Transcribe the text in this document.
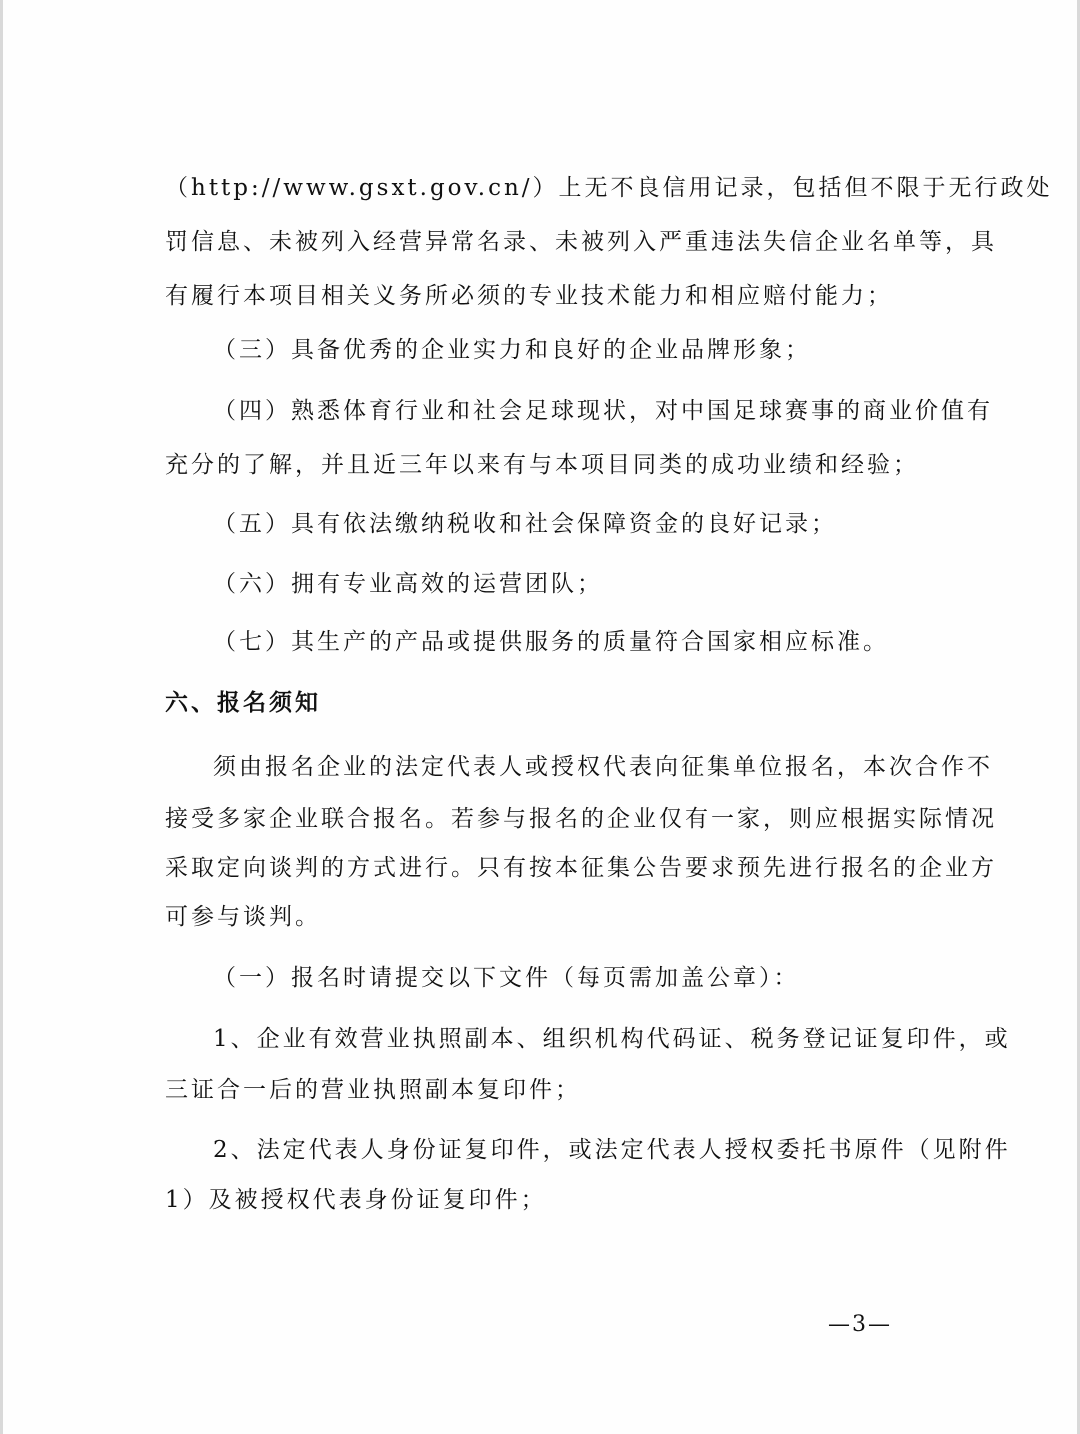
（http://www.gsxt.gov.cn/）上无不良信用记录，包括但不限于无行政处
罚信息、未被列入经营异常名录、未被列入严重违法失信企业名单等，具
有履行本项目相关义务所必须的专业技术能力和相应赔付能力；
（三）具备优秀的企业实力和良好的企业品牌形象；
（四）熟悉体育行业和社会足球现状，对中国足球赛事的商业价值有
充分的了解，并且近三年以来有与本项目同类的成功业绩和经验；
（五）具有依法缴纳税收和社会保障资金的良好记录；
（六）拥有专业高效的运营团队；
（七）其生产的产品或提供服务的质量符合国家相应标准。
六、报名须知
须由报名企业的法定代表人或授权代表向征集单位报名，本次合作不
接受多家企业联合报名。若参与报名的企业仅有一家，则应根据实际情况
采取定向谈判的方式进行。只有按本征集公告要求预先进行报名的企业方
可参与谈判。
（一）报名时请提交以下文件（每页需加盖公章）：
1、企业有效营业执照副本、组织机构代码证、税务登记证复印件，或
三证合一后的营业执照副本复印件；
2、法定代表人身份证复印件，或法定代表人授权委托书原件（见附件
1）及被授权代表身份证复印件；
—3—
